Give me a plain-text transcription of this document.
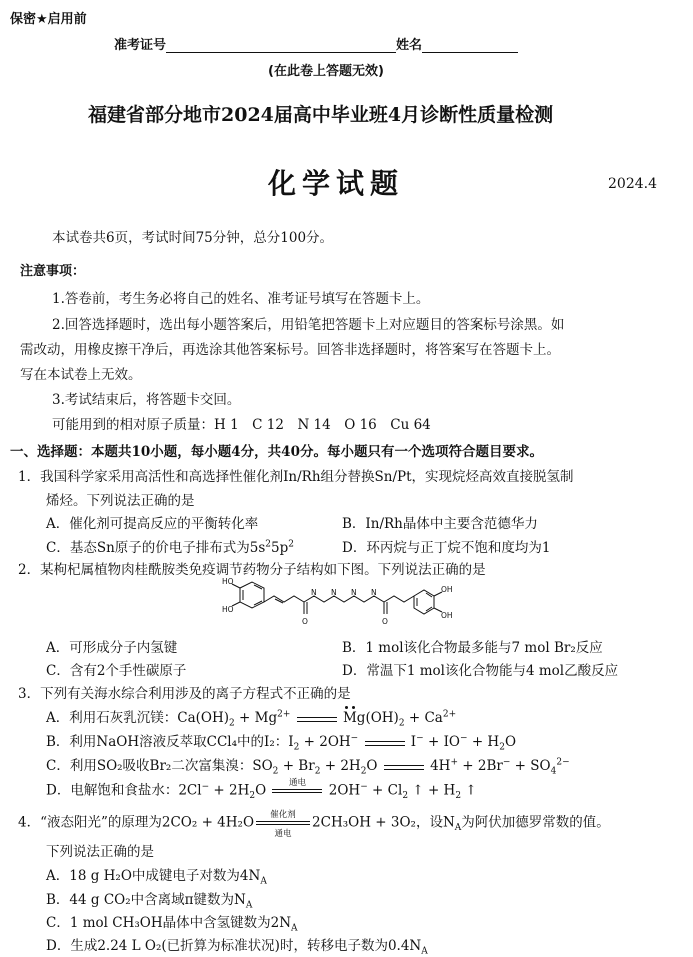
保密★启用前
准考证号	姓名
(在此卷上答题无效)
福建省部分地市2024届高中毕业班4月诊断性质量检测
化学试题	2024.4
本试卷共6页，考试时间75分钟，总分100分。
注意事项：
1.答卷前，考生务必将自己的姓名、准考证号填写在答题卡上。
2.回答选择题时，选出每小题答案后，用铅笔把答题卡上对应题目的答案标号涂黑。如
需改动，用橡皮擦干净后，再选涂其他答案标号。回答非选择题时，将答案写在答题卡上。
写在本试卷上无效。
3.考试结束后，将答题卡交回。
可能用到的相对原子质量：H 1　C 12　N 14　O 16　Cu 64
一、选择题：本题共10小题，每小题4分，共40分。每小题只有一个选项符合题目要求。
1．我国科学家采用高活性和高选择性催化剂In/Rh组分替换Sn/Pt，实现烷烃高效直接脱氢制
烯烃。下列说法正确的是
A．催化剂可提高反应的平衡转化率	B．In/Rh晶体中主要含范德华力
C．基态Sn原子的价电子排布式为$5s^25p^2$	D．环丙烷与正丁烷不饱和度均为1
2．某枸杞属植物肉桂酰胺类免疫调节药物分子结构如下图。下列说法正确的是
HO
HO
OH
OH
O	O
N N N N
A．可形成分子内氢键	B．1 mol该化合物最多能与7 mol Br₂反应
C．含有2个手性碳原子	D．常温下1 mol该化合物能与4 mol乙酸反应
3．下列有关海水综合利用涉及的离子方程式不正确的是
A．利用石灰乳沉镁：$Ca(OH)_2 + Mg^{2+}$	Mg
$(OH)_2 + Ca^{2+}$
B．利用NaOH溶液反萃取CCl₄中的I₂：$I_2 + 2OH^-$	$I^- + IO^- + H_2O$
C．利用SO₂吸收Br₂二次富集溴：$SO_2 + Br_2 + 2H_2O$	$4H^+ + 2Br^- + SO_4^{2-}$
D．电解饱和食盐水：$2Cl^- + 2H_2O$	通电	$2OH^- + Cl_2$ ↑ + $H_2$ ↑
4．“液态阳光”的原理为2CO₂ + 4H₂O	催化剂
通电
2CH₃OH + 3O₂，设$N_A$为阿伏加德罗常数的值。
下列说法正确的是
A．18 g H₂O中成键电子对数为$4N_A$
B．44 g CO₂中含离域π键数为$N_A$
C．1 mol CH₃OH晶体中含氢键数为$2N_A$
D．生成2.24 L O₂(已折算为标准状况)时，转移电子数为$0.4N_A$
